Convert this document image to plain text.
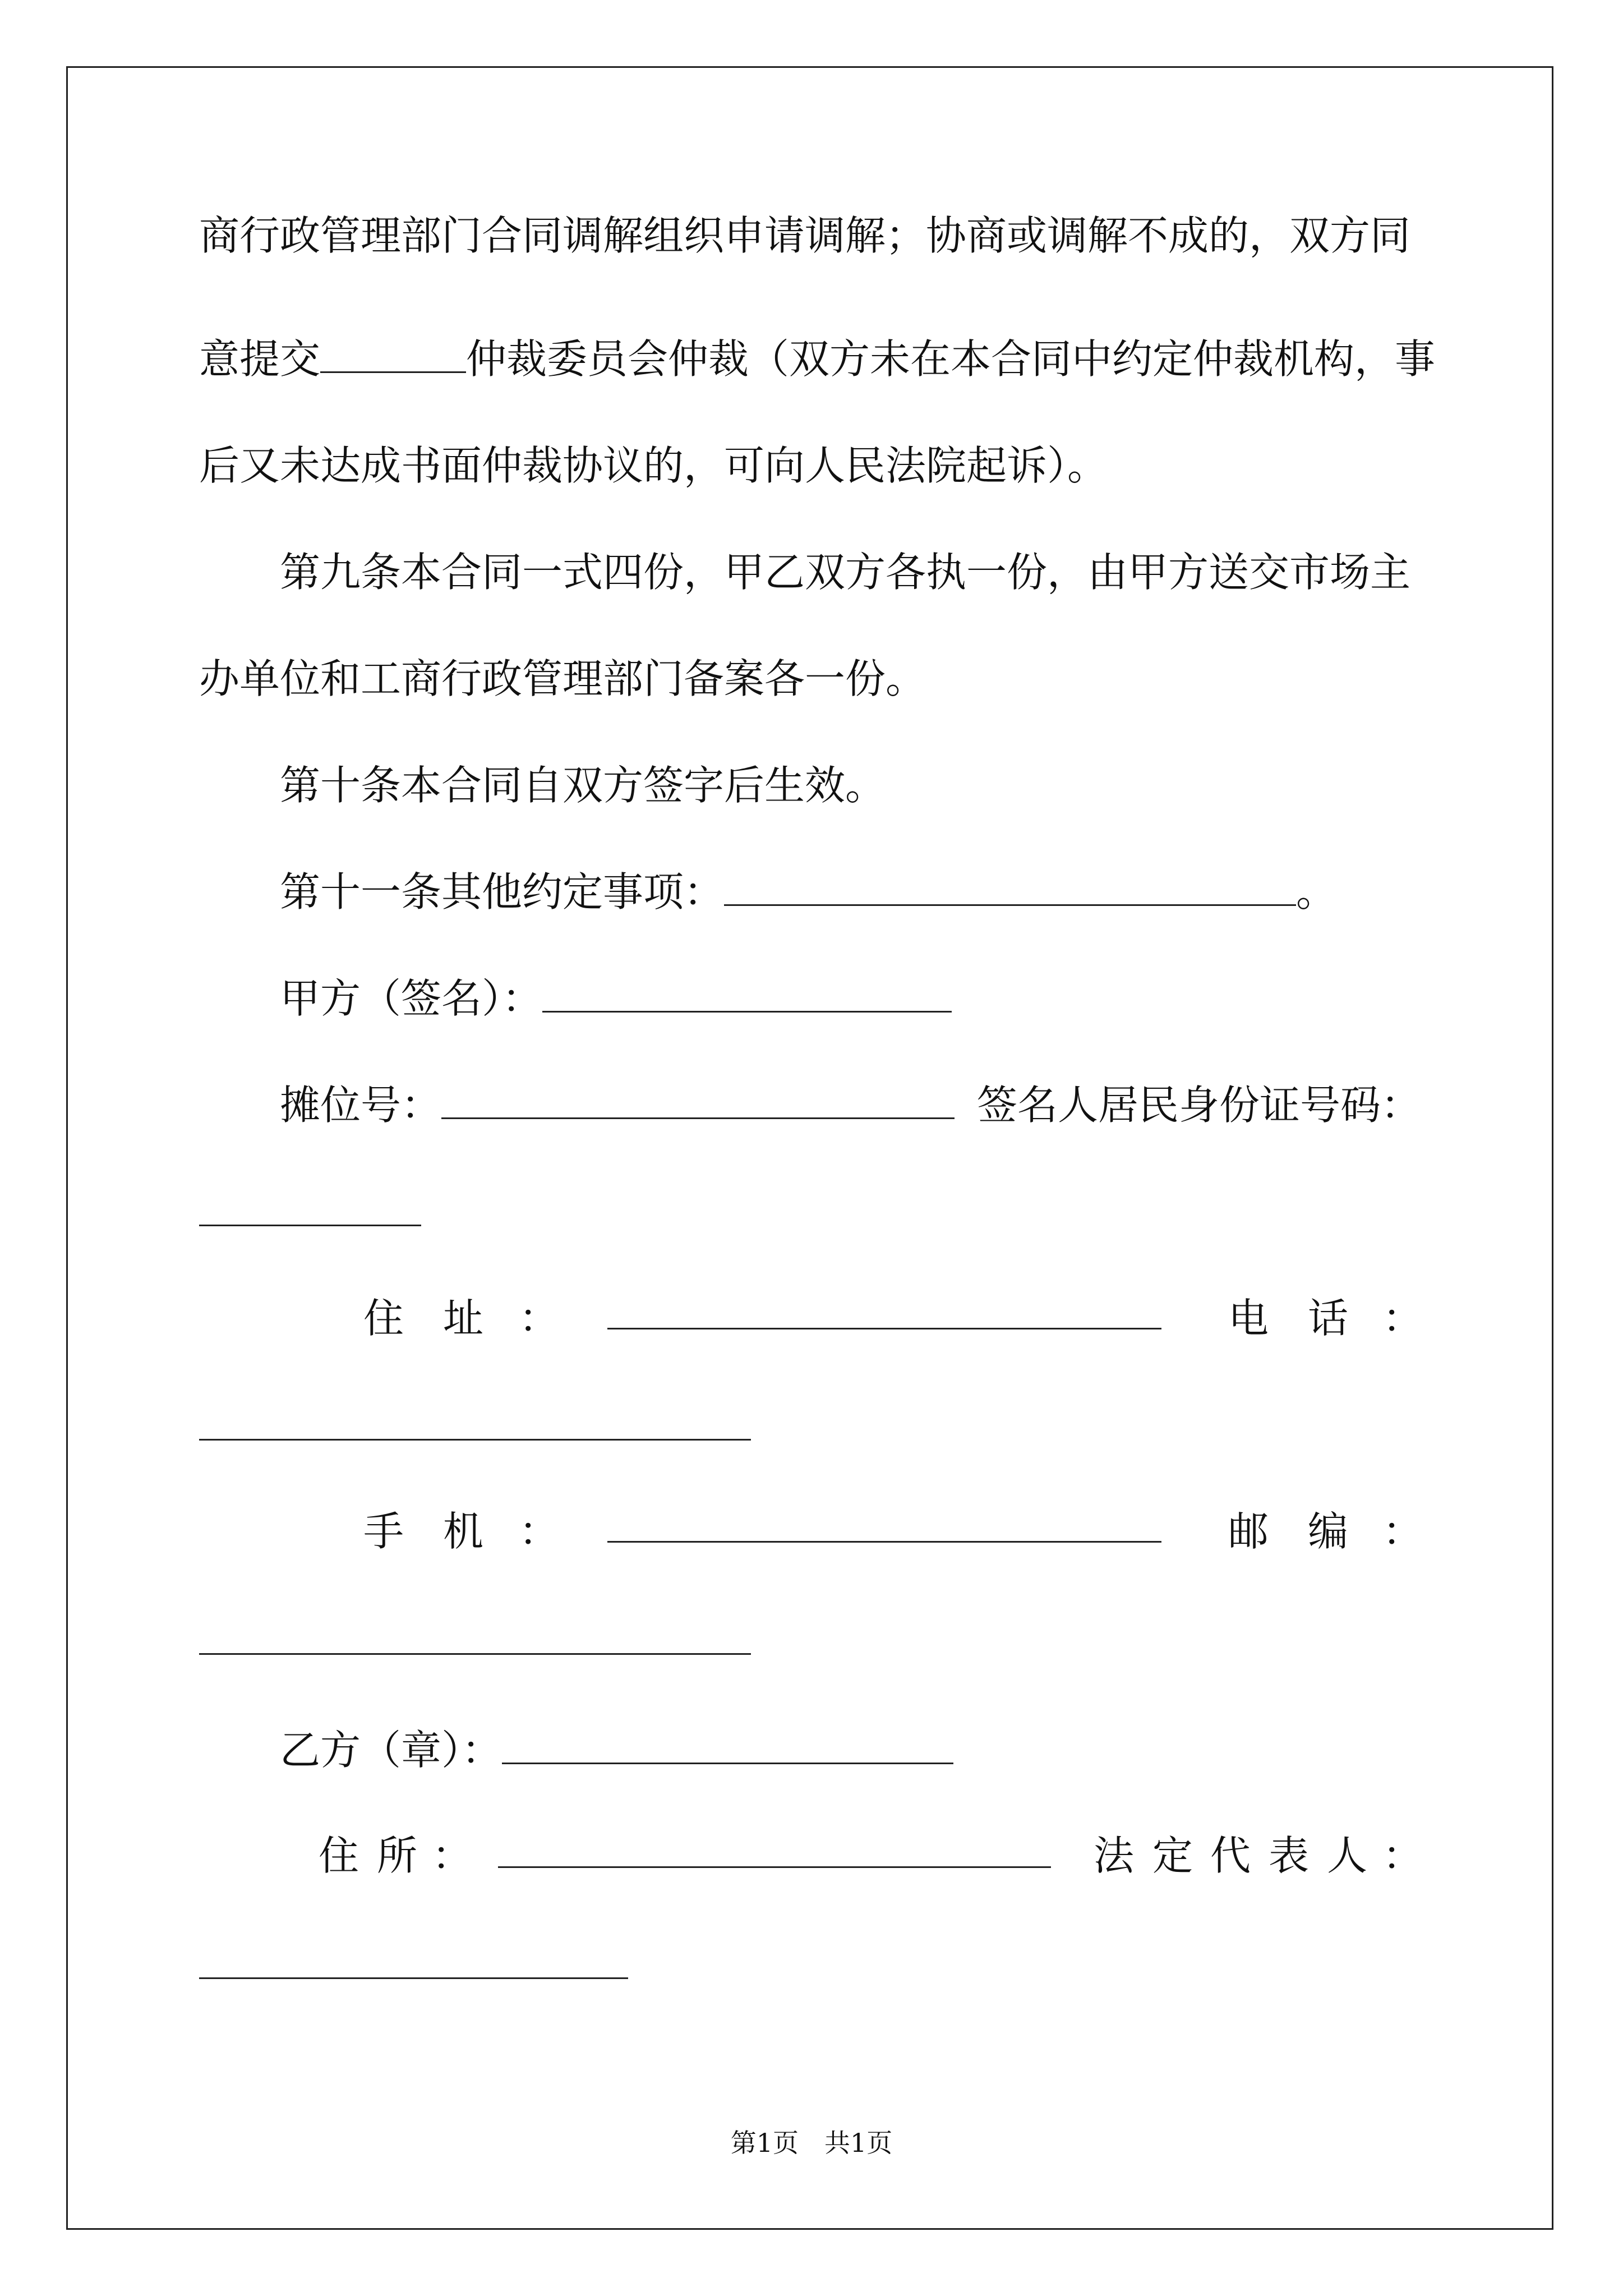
商行政管理部门合同调解组织申请调解；协商或调解不成的，双方同
意提交	仲裁委员会仲裁（双方未在本合同中约定仲裁机构，事
后又未达成书面仲裁协议的，可向人民法院起诉）。
第九条本合同一式四份，甲乙双方各执一份，由甲方送交市场主
办单位和工商行政管理部门备案各一份。
第十条本合同自双方签字后生效。
第十一条其他约定事项：	。
甲方（签名）：
摊位号：	签名人居民身份证号码：
住 址 ：	电 话 ：
手 机 ：	邮 编 ：
乙方（章）：
住 所 ：	法 定 代 表 人 ：
第1页　共1页
